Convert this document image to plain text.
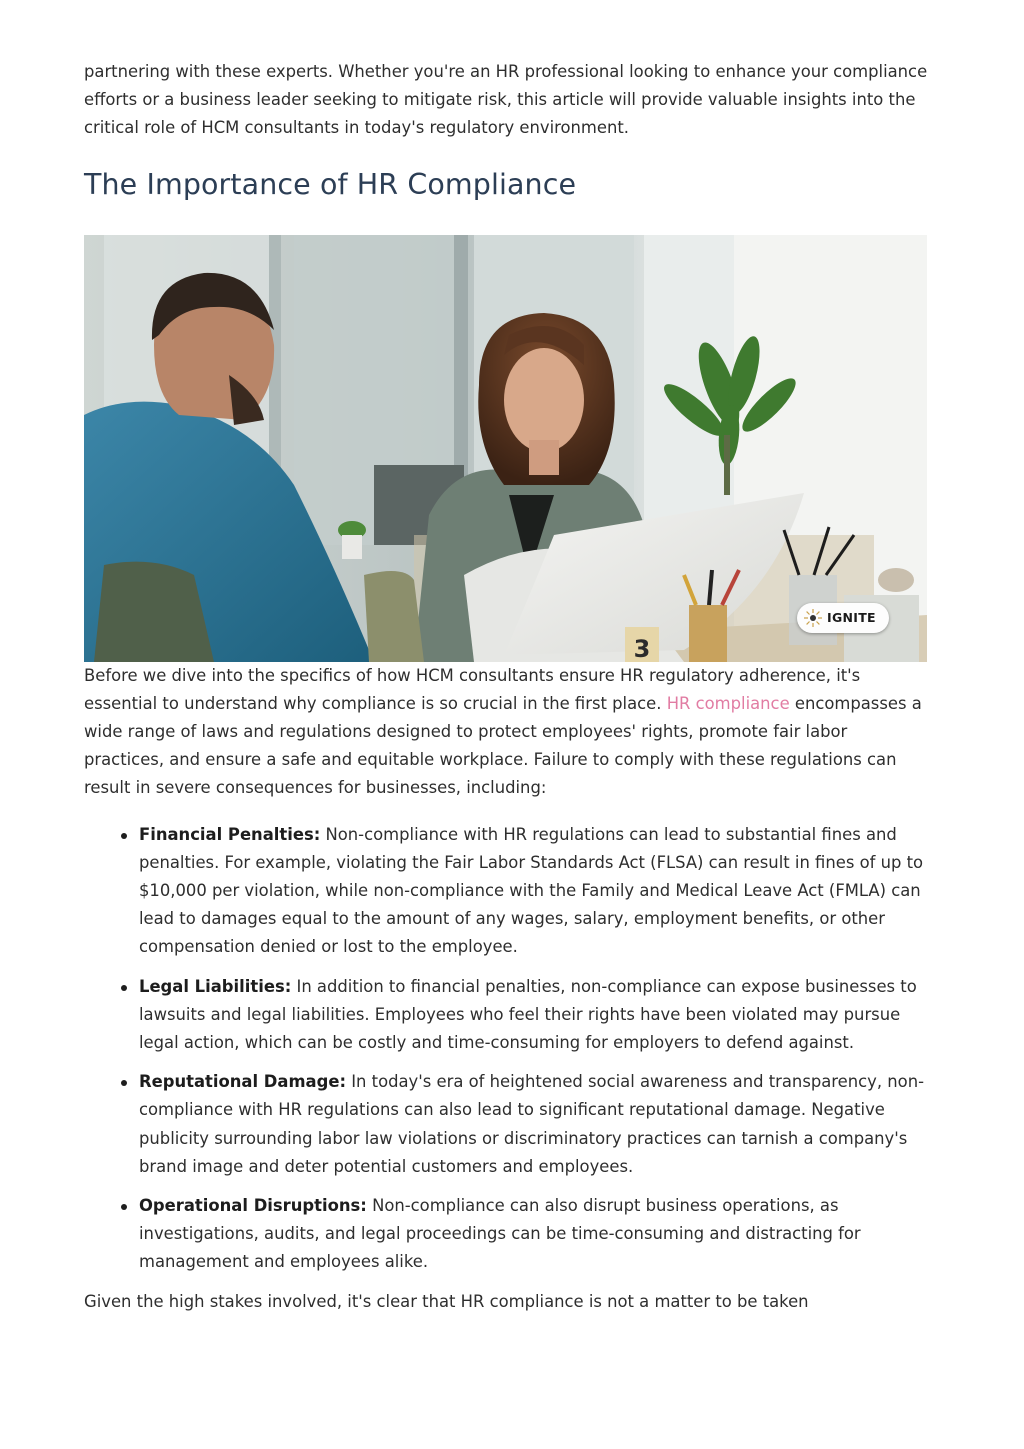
partnering with these experts. Whether you're an HR professional looking to enhance your compliance efforts or a business leader seeking to mitigate risk, this article will provide valuable insights into the critical role of HCM consultants in today's regulatory environment.

The Importance of HR Compliance
3
IGNITE

Before we dive into the specifics of how HCM consultants ensure HR regulatory adherence, it's essential to understand why compliance is so crucial in the first place. HR compliance encompasses a wide range of laws and regulations designed to protect employees' rights, promote fair labor practices, and ensure a safe and equitable workplace. Failure to comply with these regulations can result in severe consequences for businesses, including:

Financial Penalties: Non-compliance with HR regulations can lead to substantial fines and penalties. For example, violating the Fair Labor Standards Act (FLSA) can result in fines of up to $10,000 per violation, while non-compliance with the Family and Medical Leave Act (FMLA) can lead to damages equal to the amount of any wages, salary, employment benefits, or other compensation denied or lost to the employee.
Legal Liabilities: In addition to financial penalties, non-compliance can expose businesses to lawsuits and legal liabilities. Employees who feel their rights have been violated may pursue legal action, which can be costly and time-consuming for employers to defend against.
Reputational Damage: In today's era of heightened social awareness and transparency, non-compliance with HR regulations can also lead to significant reputational damage. Negative publicity surrounding labor law violations or discriminatory practices can tarnish a company's brand image and deter potential customers and employees.
Operational Disruptions: Non-compliance can also disrupt business operations, as investigations, audits, and legal proceedings can be time-consuming and distracting for management and employees alike.

Given the high stakes involved, it's clear that HR compliance is not a matter to be taken
